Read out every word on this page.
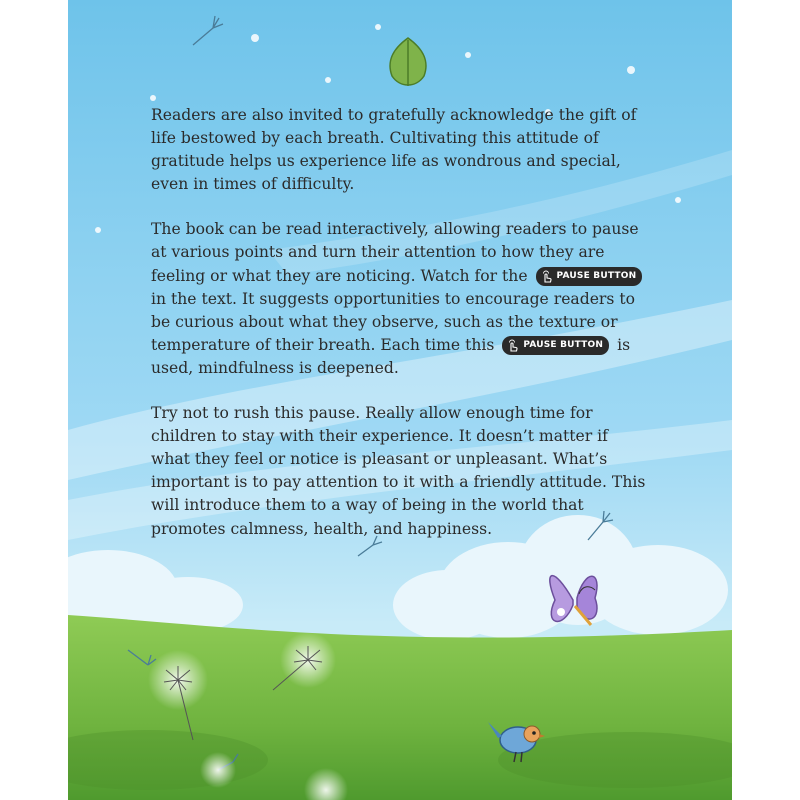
Readers are also invited to gratefully acknowledge the gift of life bestowed by each breath. Cultivating this attitude of gratitude helps us experience life as wondrous and special, even in times of difficulty.

The book can be read interactively, allowing readers to pause at various points and turn their attention to how they are feeling or what they are noticing. Watch for the	PAUSE BUTTON
in the text. It suggests opportunities to encourage readers to be curious about what they observe, such as the texture or temperature of their breath. Each time this	PAUSE BUTTON is used, mindfulness is deepened.

Try not to rush this pause. Really allow enough time for children to stay with their experience. It doesn’t matter if what they feel or notice is pleasant or unpleasant. What’s important is to pay attention to it with a friendly attitude. This will introduce them to a way of being in the world that promotes calmness, health, and happiness.
